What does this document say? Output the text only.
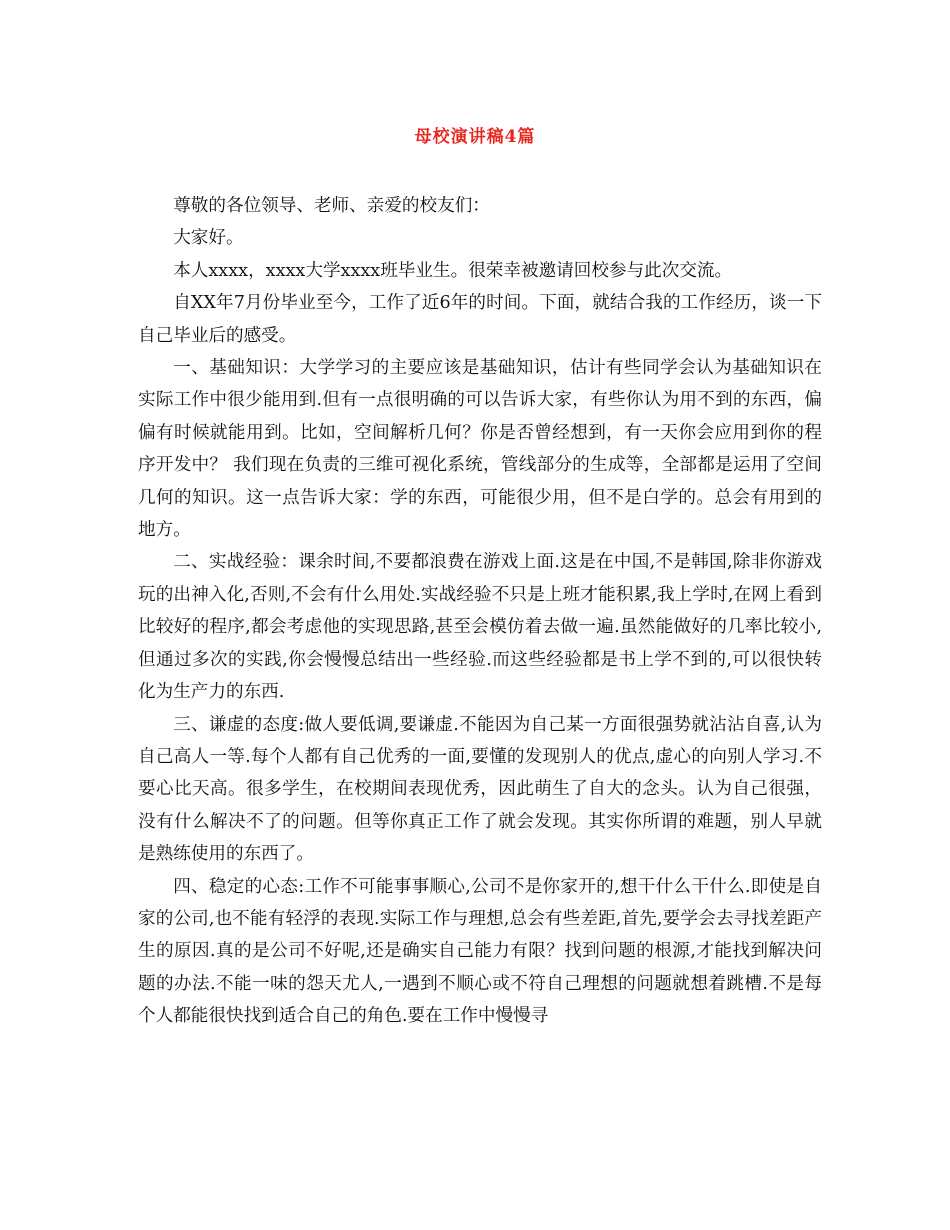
母校演讲稿4篇

尊敬的各位领导、老师、亲爱的校友们：

大家好。

本人xxxx，xxxx大学xxxx班毕业生。很荣幸被邀请回校参与此次交流。

自XX年7月份毕业至今，工作了近6年的时间。下面，就结合我的工作经历，谈一下自己毕业后的感受。

一、基础知识：大学学习的主要应该是基础知识，估计有些同学会认为基础知识在实际工作中很少能用到.但有一点很明确的可以告诉大家，有些你认为用不到的东西，偏偏有时候就能用到。比如，空间解析几何？你是否曾经想到，有一天你会应用到你的程序开发中？ 我们现在负责的三维可视化系统，管线部分的生成等，全部都是运用了空间几何的知识。这一点告诉大家：学的东西，可能很少用，但不是白学的。总会有用到的地方。

二、实战经验：课余时间,不要都浪费在游戏上面.这是在中国,不是韩国,除非你游戏玩的出神入化,否则,不会有什么用处.实战经验不只是上班才能积累,我上学时,在网上看到比较好的程序,都会考虑他的实现思路,甚至会模仿着去做一遍.虽然能做好的几率比较小,但通过多次的实践,你会慢慢总结出一些经验.而这些经验都是书上学不到的,可以很快转化为生产力的东西.

三、谦虚的态度:做人要低调,要谦虚.不能因为自己某一方面很强势就沾沾自喜,认为自己高人一等.每个人都有自己优秀的一面,要懂的发现别人的优点,虚心的向别人学习.不要心比天高。很多学生，在校期间表现优秀，因此萌生了自大的念头。认为自己很强，没有什么解决不了的问题。但等你真正工作了就会发现。其实你所谓的难题，别人早就是熟练使用的东西了。

四、稳定的心态:工作不可能事事顺心,公司不是你家开的,想干什么干什么.即使是自家的公司,也不能有轻浮的表现.实际工作与理想,总会有些差距,首先,要学会去寻找差距产生的原因.真的是公司不好呢,还是确实自己能力有限？找到问题的根源,才能找到解决问题的办法.不能一味的怨天尤人,一遇到不顺心或不符自己理想的问题就想着跳槽.不是每个人都能很快找到适合自己的角色.要在工作中慢慢寻
